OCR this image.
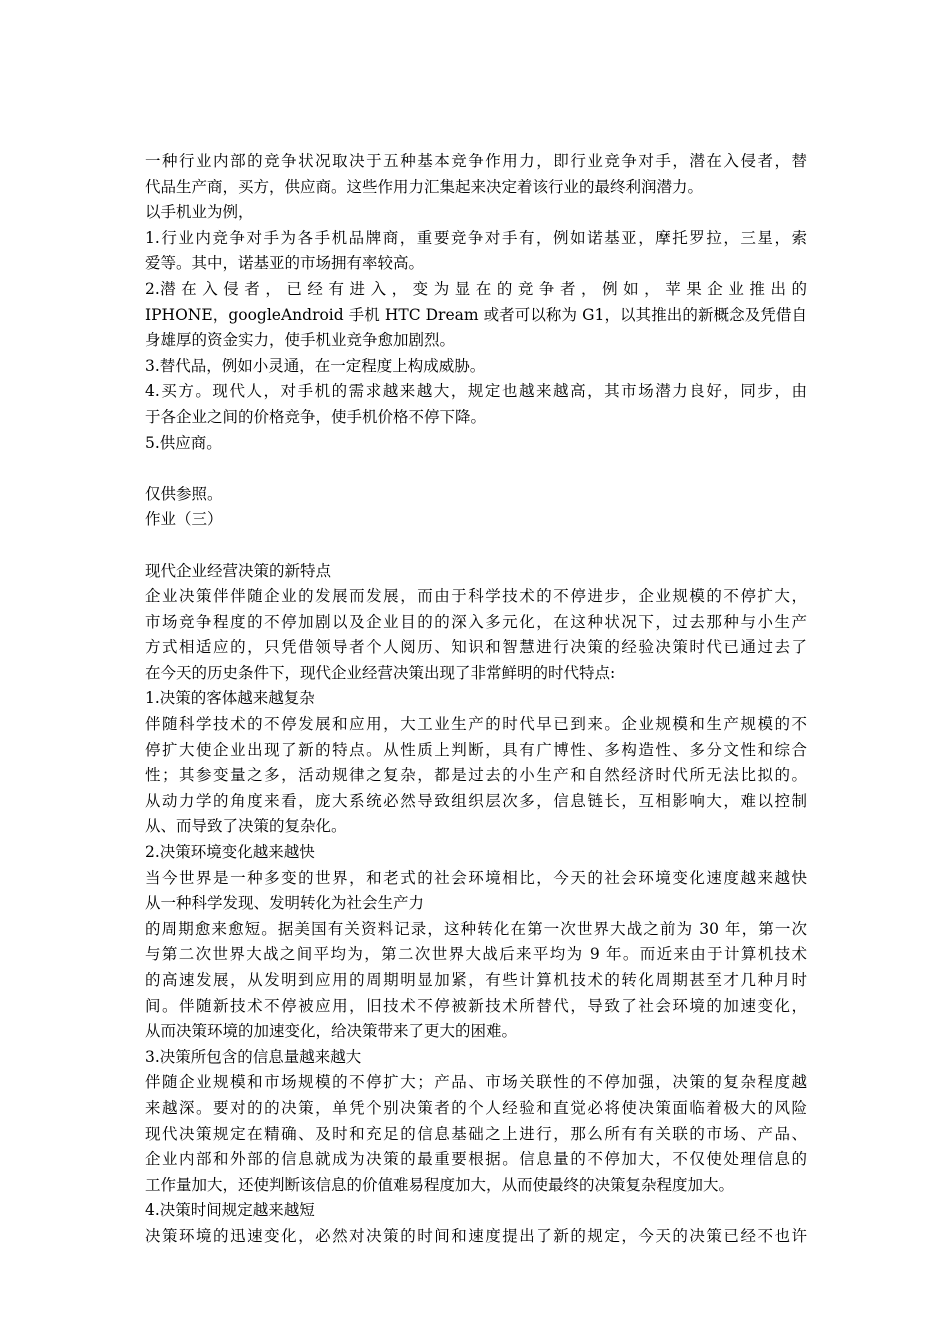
一种行业内部的竞争状况取决于五种基本竞争作用力，即行业竞争对手，潜在入侵者，替
代品生产商，买方，供应商。这些作用力汇集起来决定着该行业的最终利润潜力。
以手机业为例，
1.行业内竞争对手为各手机品牌商，重要竞争对手有，例如诺基亚，摩托罗拉，三星，索
爱等。其中，诺基亚的市场拥有率较高。
2.潜 在 入 侵 者 ， 已 经 有 进 入 ， 变 为 显 在 的 竞 争 者 ， 例 如 ， 苹 果 企 业 推 出 的
IPHONE，googleAndroid 手机 HTC Dream 或者可以称为 G1，以其推出的新概念及凭借自
身雄厚的资金实力，使手机业竞争愈加剧烈。
3.替代品，例如小灵通，在一定程度上构成威胁。
4.买方。现代人，对手机的需求越来越大，规定也越来越高，其市场潜力良好，同步，由
于各企业之间的价格竞争，使手机价格不停下降。
5.供应商。
仅供参照。
作业（三）
现代企业经营决策的新特点
企业决策伴伴随企业的发展而发展，而由于科学技术的不停进步，企业规模的不停扩大，
市场竞争程度的不停加剧以及企业目的的深入多元化，在这种状况下，过去那种与小生产
方式相适应的，只凭借领导者个人阅历、知识和智慧进行决策的经验决策时代已通过去了
在今天的历史条件下，现代企业经营决策出现了非常鲜明的时代特点:
1.决策的客体越来越复杂
伴随科学技术的不停发展和应用，大工业生产的时代早已到来。企业规模和生产规模的不
停扩大使企业出现了新的特点。从性质上判断，具有广博性、多构造性、多分文性和综合
性；其参变量之多，活动规律之复杂，都是过去的小生产和自然经济时代所无法比拟的。
从动力学的角度来看，庞大系统必然导致组织层次多，信息链长，互相影响大，难以控制
从、而导致了决策的复杂化。
2.决策环境变化越来越快
当今世界是一种多变的世界，和老式的社会环境相比，今天的社会环境变化速度越来越快
从一种科学发现、发明转化为社会生产力
的周期愈来愈短。据美国有关资料记录，这种转化在第一次世界大战之前为 30 年，第一次
与第二次世界大战之间平均为，第二次世界大战后来平均为 9 年。而近来由于计算机技术
的高速发展，从发明到应用的周期明显加紧，有些计算机技术的转化周期甚至才几种月时
间。伴随新技术不停被应用，旧技术不停被新技术所替代，导致了社会环境的加速变化，
从而决策环境的加速变化，给决策带来了更大的困难。
3.决策所包含的信息量越来越大
伴随企业规模和市场规模的不停扩大；产品、市场关联性的不停加强，决策的复杂程度越
来越深。要对的的决策，单凭个别决策者的个人经验和直觉必将使决策面临着极大的风险
现代决策规定在精确、及时和充足的信息基础之上进行，那么所有有关联的市场、产品、
企业内部和外部的信息就成为决策的最重要根据。信息量的不停加大，不仅使处理信息的
工作量加大，还使判断该信息的价值难易程度加大，从而使最终的决策复杂程度加大。
4.决策时间规定越来越短
决策环境的迅速变化，必然对决策的时间和速度提出了新的规定，今天的决策已经不也许
